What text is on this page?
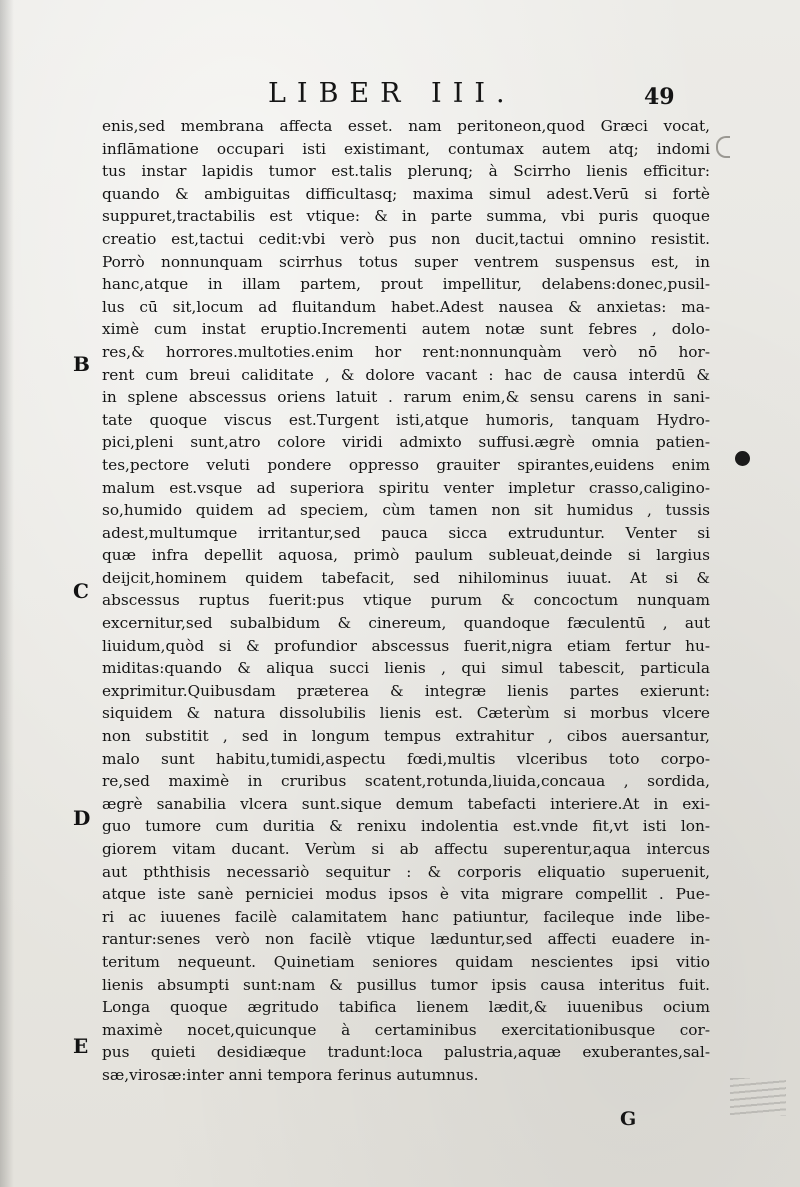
LIBER III.	49
B
C
D
E
enis,sed membrana affecta esset. nam peritoneon,quod Græci vocat,
inflāmatione occupari isti existimant, contumax autem atq; indomi
tus instar lapidis tumor est.talis plerunq; à Scirrho lienis efficitur:
quando & ambiguitas difficultasq; maxima simul adest.Verū si fortè
suppuret,tractabilis est vtique: & in parte summa, vbi puris quoque
creatio est,tactui cedit:vbi verò pus non ducit,tactui omnino resistit.
Porrò nonnunquam scirrhus totus super ventrem suspensus est, in
hanc,atque in illam partem, prout impellitur, delabens:donec,pusil-
lus cū sit,locum ad fluitandum habet.Adest nausea & anxietas: ma-
ximè cum instat eruptio.Incrementi autem notæ sunt febres , dolo-
res,& horrores.multoties.enim hor rent:nonnunquàm verò nō hor-
rent cum breui caliditate , & dolore vacant : hac de causa interdū &
in splene abscessus oriens latuit . rarum enim,& sensu carens in sani-
tate quoque viscus est.Turgent isti,atque humoris, tanquam Hydro-
pici,pleni sunt,atro colore viridi admixto suffusi.ægrè omnia patien-
tes,pectore veluti pondere oppresso grauiter spirantes,euidens enim
malum est.vsque ad superiora spiritu venter impletur crasso,caligino-
so,humido quidem ad speciem, cùm tamen non sit humidus , tussis
adest,multumque irritantur,sed pauca sicca extruduntur. Venter si
quæ infra depellit aquosa, primò paulum subleuat,deinde si largius
deijcit,hominem quidem tabefacit, sed nihilominus iuuat. At si &
abscessus ruptus fuerit:pus vtique purum & concoctum nunquam
excernitur,sed subalbidum & cinereum, quandoque fæculentū , aut
liuidum,quòd si & profundior abscessus fuerit,nigra etiam fertur hu-
miditas:quando & aliqua succi lienis , qui simul tabescit, particula
exprimitur.Quibusdam præterea & integræ lienis partes exierunt:
siquidem & natura dissolubilis lienis est. Cæterùm si morbus vlcere
non substitit , sed in longum tempus extrahitur , cibos auersantur,
malo sunt habitu,tumidi,aspectu fœdi,multis vlceribus toto corpo-
re,sed maximè in cruribus scatent,rotunda,liuida,concaua , sordida,
ægrè sanabilia vlcera sunt.sique demum tabefacti interiere.At in exi-
guo tumore cum duritia & renixu indolentia est.vnde fit,vt isti lon-
giorem vitam ducant. Verùm si ab affectu superentur,aqua intercus
aut pththisis necessariò sequitur : & corporis eliquatio superuenit,
atque iste sanè perniciei modus ipsos è vita migrare compellit . Pue-
ri ac iuuenes facilè calamitatem hanc patiuntur, facileque inde libe-
rantur:senes verò non facilè vtique læduntur,sed affecti euadere in-
teritum nequeunt. Quinetiam seniores quidam nescientes ipsi vitio
lienis absumpti sunt:nam & pusillus tumor ipsis causa interitus fuit.
Longa quoque ægritudo tabifica lienem lædit,& iuuenibus ocium
maximè nocet,quicunque à certaminibus exercitationibusque cor-
pus quieti desidiæque tradunt:loca palustria,aquæ exuberantes,sal-
sæ,virosæ:inter anni tempora ferinus autumnus.
G
